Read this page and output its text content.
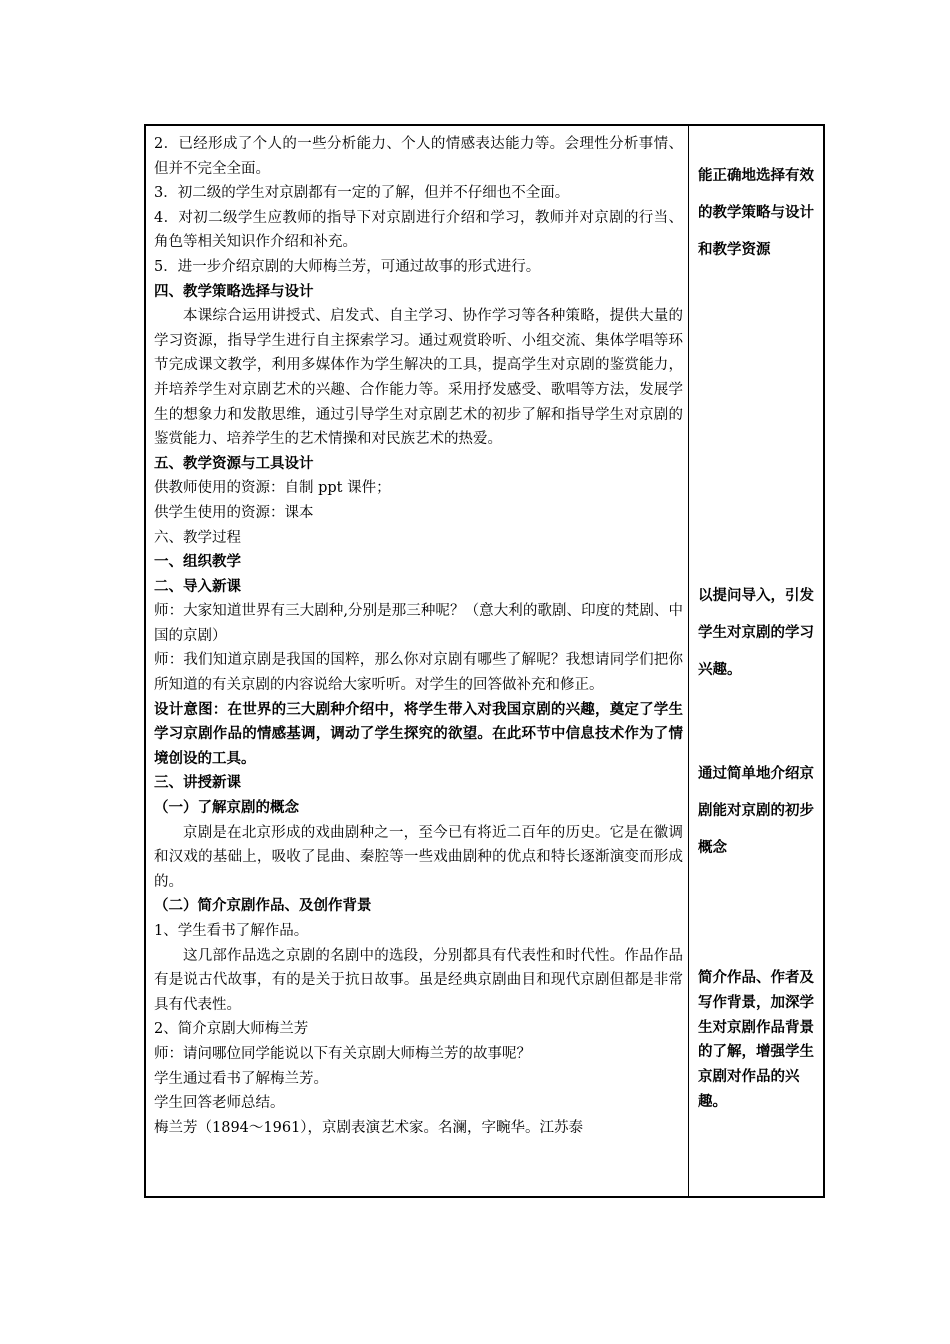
2．已经形成了个人的一些分析能力、个人的情感表达能力等。会理性分析事情、但并不完全全面。

3．初二级的学生对京剧都有一定的了解，但并不仔细也不全面。

4．对初二级学生应教师的指导下对京剧进行介绍和学习，教师并对京剧的行当、角色等相关知识作介绍和补充。

5．进一步介绍京剧的大师梅兰芳，可通过故事的形式进行。

四、教学策略选择与设计

本课综合运用讲授式、启发式、自主学习、协作学习等各种策略，提供大量的学习资源，指导学生进行自主探索学习。通过观赏聆听、小组交流、集体学唱等环节完成课文教学，利用多媒体作为学生解决的工具，提高学生对京剧的鉴赏能力，并培养学生对京剧艺术的兴趣、合作能力等。采用抒发感受、歌唱等方法，发展学生的想象力和发散思维，通过引导学生对京剧艺术的初步了解和指导学生对京剧的鉴赏能力、培养学生的艺术情操和对民族艺术的热爱。

五、教学资源与工具设计

供教师使用的资源：自制 ppt 课件；

供学生使用的资源：课本

六、教学过程

一、组织教学

二、导入新课

师：大家知道世界有三大剧种,分别是那三种呢？（意大利的歌剧、印度的梵剧、中国的京剧）

师：我们知道京剧是我国的国粹，那么你对京剧有哪些了解呢？我想请同学们把你所知道的有关京剧的内容说给大家听听。对学生的回答做补充和修正。

设计意图：在世界的三大剧种介绍中，将学生带入对我国京剧的兴趣，奠定了学生学习京剧作品的情感基调，调动了学生探究的欲望。在此环节中信息技术作为了情境创设的工具。

三、讲授新课

（一）了解京剧的概念

京剧是在北京形成的戏曲剧种之一，至今已有将近二百年的历史。它是在徽调和汉戏的基础上，吸收了昆曲、秦腔等一些戏曲剧种的优点和特长逐渐演变而形成的。

（二）简介京剧作品、及创作背景

1、学生看书了解作品。

这几部作品选之京剧的名剧中的选段，分别都具有代表性和时代性。作品作品有是说古代故事，有的是关于抗日故事。虽是经典京剧曲目和现代京剧但都是非常具有代表性。

2、简介京剧大师梅兰芳

师：请问哪位同学能说以下有关京剧大师梅兰芳的故事呢？

学生通过看书了解梅兰芳。

学生回答老师总结。

梅兰芳（1894～1961），京剧表演艺术家。名澜，字畹华。江苏泰

能正确地选择有效的教学策略与设计和教学资源

以提问导入，引发学生对京剧的学习兴趣。

通过简单地介绍京剧能对京剧的初步概念

简介作品、作者及写作背景，加深学生对京剧作品背景的了解，增强学生京剧对作品的兴趣。
